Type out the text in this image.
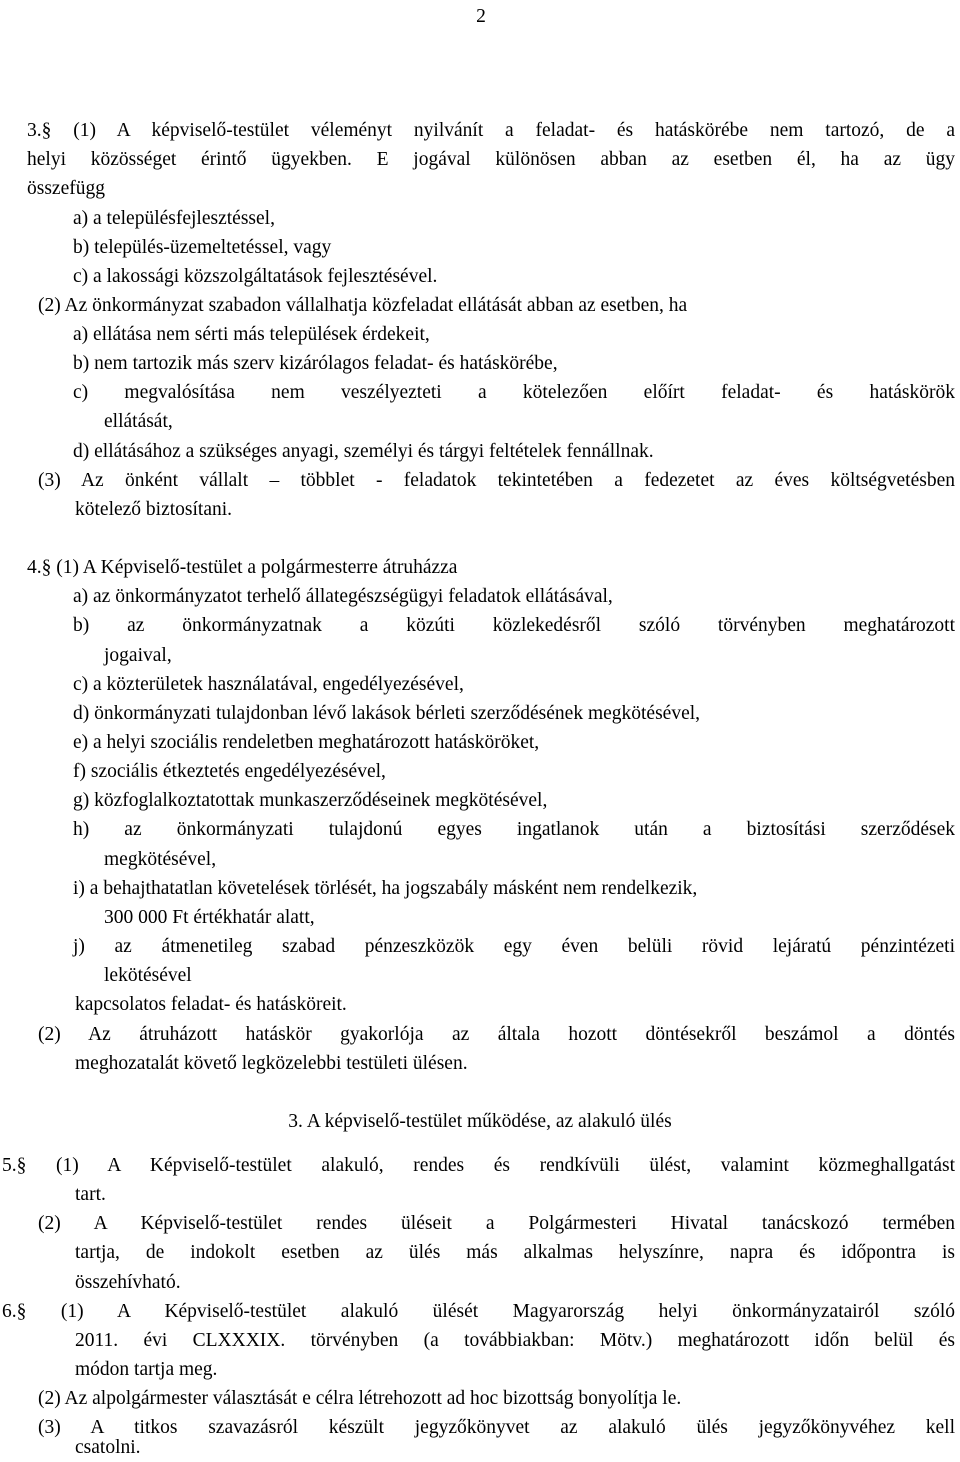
2
3.§ (1) A képviselő-testület véleményt nyilvánít a feladat- és hatáskörébe nem tartozó, de a
helyi közösséget érintő ügyekben. E jogával különösen abban az esetben él, ha az ügy
összefügg
a) a településfejlesztéssel,
b) település-üzemeltetéssel, vagy
c) a lakossági közszolgáltatások fejlesztésével.
(2) Az önkormányzat szabadon vállalhatja közfeladat ellátását abban az esetben, ha
a) ellátása nem sérti más települések érdekeit,
b) nem tartozik más szerv kizárólagos feladat- és hatáskörébe,
c) megvalósítása nem veszélyezteti a kötelezően előírt feladat- és hatáskörök
ellátását,
d) ellátásához a szükséges anyagi, személyi és tárgyi feltételek fennállnak.
(3) Az önként vállalt – többlet - feladatok tekintetében a fedezetet az éves költségvetésben
kötelező biztosítani.
4.§ (1) A Képviselő-testület a polgármesterre átruházza
a) az önkormányzatot terhelő állategészségügyi feladatok ellátásával,
b) az önkormányzatnak a közúti közlekedésről szóló törvényben meghatározott
jogaival,
c) a közterületek használatával, engedélyezésével,
d) önkormányzati tulajdonban lévő lakások bérleti szerződésének megkötésével,
e) a helyi szociális rendeletben meghatározott hatásköröket,
f) szociális étkeztetés engedélyezésével,
g) közfoglalkoztatottak munkaszerződéseinek megkötésével,
h) az önkormányzati tulajdonú egyes ingatlanok után a biztosítási szerződések
megkötésével,
i) a behajthatatlan követelések törlését, ha jogszabály másként nem rendelkezik,
300 000 Ft értékhatár alatt,
j) az átmenetileg szabad pénzeszközök egy éven belüli rövid lejáratú pénzintézeti
lekötésével
kapcsolatos feladat- és hatásköreit.
(2) Az átruházott hatáskör gyakorlója az általa hozott döntésekről beszámol a döntés
meghozatalát követő legközelebbi testületi ülésen.
3. A képviselő-testület működése, az alakuló ülés
5.§ (1) A Képviselő-testület alakuló, rendes és rendkívüli ülést, valamint közmeghallgatást
tart.
(2) A Képviselő-testület rendes üléseit a Polgármesteri Hivatal tanácskozó termében
tartja, de indokolt esetben az ülés más alkalmas helyszínre, napra és időpontra is
összehívható.
6.§ (1) A Képviselő-testület alakuló ülését Magyarország helyi önkormányzatairól szóló
2011. évi CLXXXIX. törvényben (a továbbiakban: Mötv.) meghatározott időn belül és
módon tartja meg.
(2) Az alpolgármester választását e célra létrehozott ad hoc bizottság bonyolítja le.
(3) A titkos szavazásról készült jegyzőkönyvet az alakuló ülés jegyzőkönyvéhez kell
csatolni.
